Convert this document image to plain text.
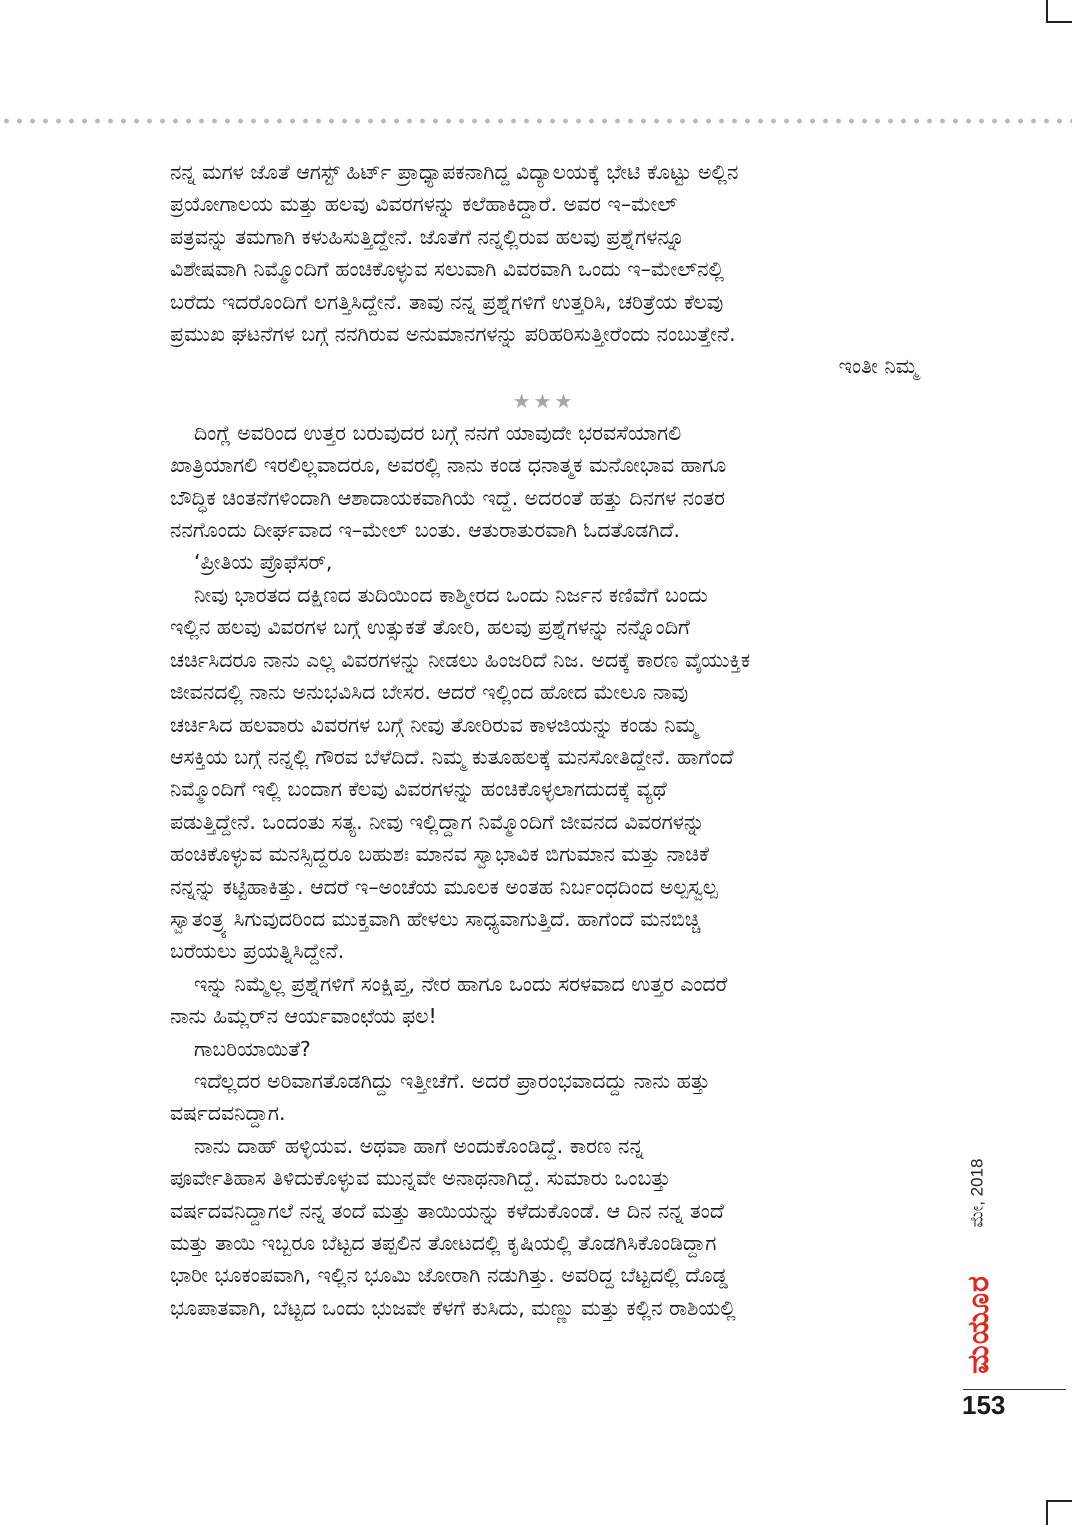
ನನ್ನ ಮಗಳ ಜೊತೆ ಆಗಸ್ಟ್ ಹಿರ್ಟ್ ಪ್ರಾಧ್ಯಾಪಕನಾಗಿದ್ದ ವಿದ್ಯಾಲಯಕ್ಕೆ ಭೇಟಿ ಕೊಟ್ಟು ಅಲ್ಲಿನ
ಪ್ರಯೋಗಾಲಯ ಮತ್ತು ಹಲವು ವಿವರಗಳನ್ನು ಕಲೆಹಾಕಿದ್ದಾರೆ. ಅವರ ಇ–ಮೇಲ್
ಪತ್ರವನ್ನು ತಮಗಾಗಿ ಕಳುಹಿಸುತ್ತಿದ್ದೇನೆ. ಜೊತೆಗೆ ನನ್ನಲ್ಲಿರುವ ಹಲವು ಪ್ರಶ್ನೆಗಳನ್ನೂ
ವಿಶೇಷವಾಗಿ ನಿಮ್ಮೊಂದಿಗೆ ಹಂಚಿಕೊಳ್ಳುವ ಸಲುವಾಗಿ ವಿವರವಾಗಿ ಒಂದು ಇ–ಮೇಲ್‌ನಲ್ಲಿ
ಬರೆದು ಇದರೊಂದಿಗೆ ಲಗತ್ತಿಸಿದ್ದೇನೆ. ತಾವು ನನ್ನ ಪ್ರಶ್ನೆಗಳಿಗೆ ಉತ್ತರಿಸಿ, ಚರಿತ್ರೆಯ ಕೆಲವು
ಪ್ರಮುಖ ಘಟನೆಗಳ ಬಗ್ಗೆ ನನಗಿರುವ ಅನುಮಾನಗಳನ್ನು ಪರಿಹರಿಸುತ್ತೀರೆಂದು ನಂಬುತ್ತೇನೆ.
ಇಂತೀ ನಿಮ್ಮ
★★★
ದಿಂಗ್ಲೆ ಅವರಿಂದ ಉತ್ತರ ಬರುವುದರ ಬಗ್ಗೆ ನನಗೆ ಯಾವುದೇ ಭರವಸೆಯಾಗಲಿ
ಖಾತ್ರಿಯಾಗಲಿ ಇರಲಿಲ್ಲವಾದರೂ, ಅವರಲ್ಲಿ ನಾನು ಕಂಡ ಧನಾತ್ಮಕ ಮನೋಭಾವ ಹಾಗೂ
ಬೌದ್ಧಿಕ ಚಿಂತನೆಗಳಿಂದಾಗಿ ಆಶಾದಾಯಕವಾಗಿಯೆ ಇದ್ದೆ. ಅದರಂತೆ ಹತ್ತು ದಿನಗಳ ನಂತರ
ನನಗೊಂದು ದೀರ್ಘವಾದ ಇ–ಮೇಲ್ ಬಂತು. ಆತುರಾತುರವಾಗಿ ಓದತೊಡಗಿದೆ.
‘ಪ್ರೀತಿಯ ಪ್ರೊಫೆಸರ್,
ನೀವು ಭಾರತದ ದಕ್ಷಿಣದ ತುದಿಯಿಂದ ಕಾಶ್ಮೀರದ ಒಂದು ನಿರ್ಜನ ಕಣಿವೆಗೆ ಬಂದು
ಇಲ್ಲಿನ ಹಲವು ವಿವರಗಳ ಬಗ್ಗೆ ಉತ್ಸುಕತೆ ತೋರಿ, ಹಲವು ಪ್ರಶ್ನೆಗಳನ್ನು ನನ್ನೊಂದಿಗೆ
ಚರ್ಚಿಸಿದರೂ ನಾನು ಎಲ್ಲ ವಿವರಗಳನ್ನು ನೀಡಲು ಹಿಂಜರಿದೆ ನಿಜ. ಅದಕ್ಕೆ ಕಾರಣ ವೈಯುಕ್ತಿಕ
ಜೀವನದಲ್ಲಿ ನಾನು ಅನುಭವಿಸಿದ ಬೇಸರ. ಆದರೆ ಇಲ್ಲಿಂದ ಹೋದ ಮೇಲೂ ನಾವು
ಚರ್ಚಿಸಿದ ಹಲವಾರು ವಿವರಗಳ ಬಗ್ಗೆ ನೀವು ತೋರಿರುವ ಕಾಳಜಿಯನ್ನು ಕಂಡು ನಿಮ್ಮ
ಆಸಕ್ತಿಯ ಬಗ್ಗೆ ನನ್ನಲ್ಲಿ ಗೌರವ ಬೆಳೆದಿದೆ. ನಿಮ್ಮ ಕುತೂಹಲಕ್ಕೆ ಮನಸೋತಿದ್ದೇನೆ. ಹಾಗೆಂದೆ
ನಿಮ್ಮೊಂದಿಗೆ ಇಲ್ಲಿ ಬಂದಾಗ ಕೆಲವು ವಿವರಗಳನ್ನು ಹಂಚಿಕೊಳ್ಳಲಾಗದುದಕ್ಕೆ ವ್ಯಥೆ
ಪಡುತ್ತಿದ್ದೇನೆ. ಒಂದಂತು ಸತ್ಯ. ನೀವು ಇಲ್ಲಿದ್ದಾಗ ನಿಮ್ಮೊಂದಿಗೆ ಜೀವನದ ವಿವರಗಳನ್ನು
ಹಂಚಿಕೊಳ್ಳುವ ಮನಸ್ಸಿದ್ದರೂ ಬಹುಶಃ ಮಾನವ ಸ್ವಾಭಾವಿಕ ಬಿಗುಮಾನ ಮತ್ತು ನಾಚಿಕೆ
ನನ್ನನ್ನು ಕಟ್ಟಿಹಾಕಿತ್ತು. ಆದರೆ ಇ–ಅಂಚೆಯ ಮೂಲಕ ಅಂತಹ ನಿರ್ಬಂಧದಿಂದ ಅಲ್ಪಸ್ವಲ್ಪ
ಸ್ವಾತಂತ್ರ್ಯ ಸಿಗುವುದರಿಂದ ಮುಕ್ತವಾಗಿ ಹೇಳಲು ಸಾಧ್ಯವಾಗುತ್ತಿದೆ. ಹಾಗೆಂದೆ ಮನಬಿಚ್ಚಿ
ಬರೆಯಲು ಪ್ರಯತ್ನಿಸಿದ್ದೇನೆ.
ಇನ್ನು ನಿಮ್ಮೆಲ್ಲ ಪ್ರಶ್ನೆಗಳಿಗೆ ಸಂಕ್ಷಿಪ್ತ, ನೇರ ಹಾಗೂ ಒಂದು ಸರಳವಾದ ಉತ್ತರ ಎಂದರೆ
ನಾನು ಹಿಮ್ಲರ್‌ನ ಆರ್ಯವಾಂಛೆಯ ಫಲ!
ಗಾಬರಿಯಾಯಿತೆ?
ಇದೆಲ್ಲದರ ಅರಿವಾಗತೊಡಗಿದ್ದು ಇತ್ತೀಚೆಗೆ. ಅದರೆ ಪ್ರಾರಂಭವಾದದ್ದು ನಾನು ಹತ್ತು
ವರ್ಷದವನಿದ್ದಾಗ.
ನಾನು ದಾಹ್ ಹಳ್ಳಿಯವ. ಅಥವಾ ಹಾಗೆ ಅಂದುಕೊಂಡಿದ್ದೆ. ಕಾರಣ ನನ್ನ
ಪೂರ್ವೇತಿಹಾಸ ತಿಳಿದುಕೊಳ್ಳುವ ಮುನ್ನವೇ ಅನಾಥನಾಗಿದ್ದೆ. ಸುಮಾರು ಒಂಬತ್ತು
ವರ್ಷದವನಿದ್ದಾಗಲೆ ನನ್ನ ತಂದೆ ಮತ್ತು ತಾಯಿಯನ್ನು ಕಳೆದುಕೊಂಡೆ. ಆ ದಿನ ನನ್ನ ತಂದೆ
ಮತ್ತು ತಾಯಿ ಇಬ್ಬರೂ ಬೆಟ್ಟದ ತಪ್ಪಲಿನ ತೋಟದಲ್ಲಿ ಕೃಷಿಯಲ್ಲಿ ತೊಡಗಿಸಿಕೊಂಡಿದ್ದಾಗ
ಭಾರೀ ಭೂಕಂಪವಾಗಿ, ಇಲ್ಲಿನ ಭೂಮಿ ಜೋರಾಗಿ ನಡುಗಿತ್ತು. ಅವರಿದ್ದ ಬೆಟ್ಟದಲ್ಲಿ ದೊಡ್ಡ
ಭೂಪಾತವಾಗಿ, ಬೆಟ್ಟದ ಒಂದು ಭುಜವೇ ಕೆಳಗೆ ಕುಸಿದು, ಮಣ್ಣು ಮತ್ತು ಕಲ್ಲಿನ ರಾಶಿಯಲ್ಲಿ
ಮೇ, 2018
ಮಯೂರ
153
